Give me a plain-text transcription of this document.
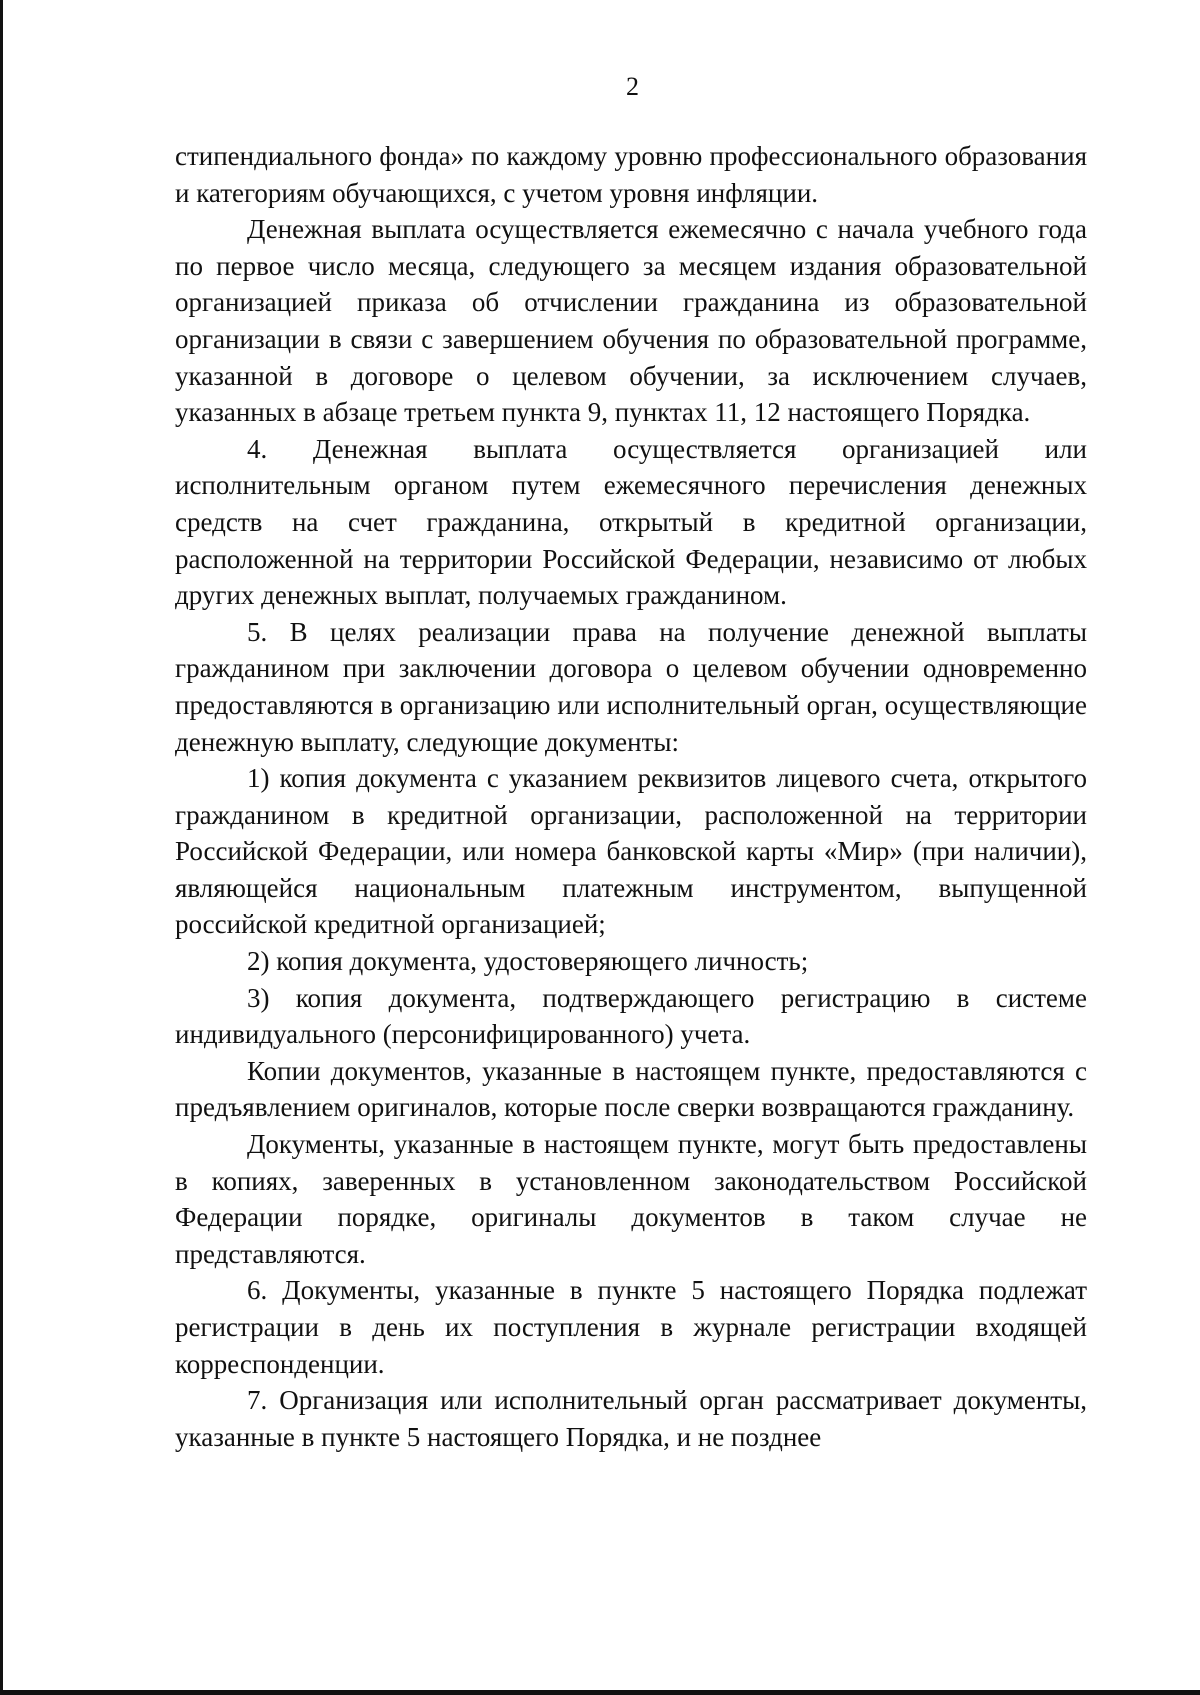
2

стипендиального фонда» по каждому уровню профессионального образования и категориям обучающихся, с учетом уровня инфляции.

Денежная выплата осуществляется ежемесячно с начала учебного года по первое число месяца, следующего за месяцем издания образовательной организацией приказа об отчислении гражданина из образовательной организации в связи с завершением обучения по образовательной программе, указанной в договоре о целевом обучении, за исключением случаев, указанных в абзаце третьем пункта 9, пунктах 11, 12 настоящего Порядка.

4. Денежная выплата осуществляется организацией или исполнительным органом путем ежемесячного перечисления денежных средств на счет гражданина, открытый в кредитной организации, расположенной на территории Российской Федерации, независимо от любых других денежных выплат, получаемых гражданином.

5. В целях реализации права на получение денежной выплаты гражданином при заключении договора о целевом обучении одновременно предоставляются в организацию или исполнительный орган, осуществляющие денежную выплату, следующие документы:

1) копия документа с указанием реквизитов лицевого счета, открытого гражданином в кредитной организации, расположенной на территории Российской Федерации, или номера банковской карты «Мир» (при наличии), являющейся национальным платежным инструментом, выпущенной российской кредитной организацией;

2) копия документа, удостоверяющего личность;

3) копия документа, подтверждающего регистрацию в системе индивидуального (персонифицированного) учета.

Копии документов, указанные в настоящем пункте, предоставляются с предъявлением оригиналов, которые после сверки возвращаются гражданину.

Документы, указанные в настоящем пункте, могут быть предоставлены в копиях, заверенных в установленном законодательством Российской Федерации порядке, оригиналы документов в таком случае не представляются.

6. Документы, указанные в пункте 5 настоящего Порядка подлежат регистрации в день их поступления в журнале регистрации входящей корреспонденции.

7. Организация или исполнительный орган рассматривает документы, указанные в пункте 5 настоящего Порядка, и не позднее
